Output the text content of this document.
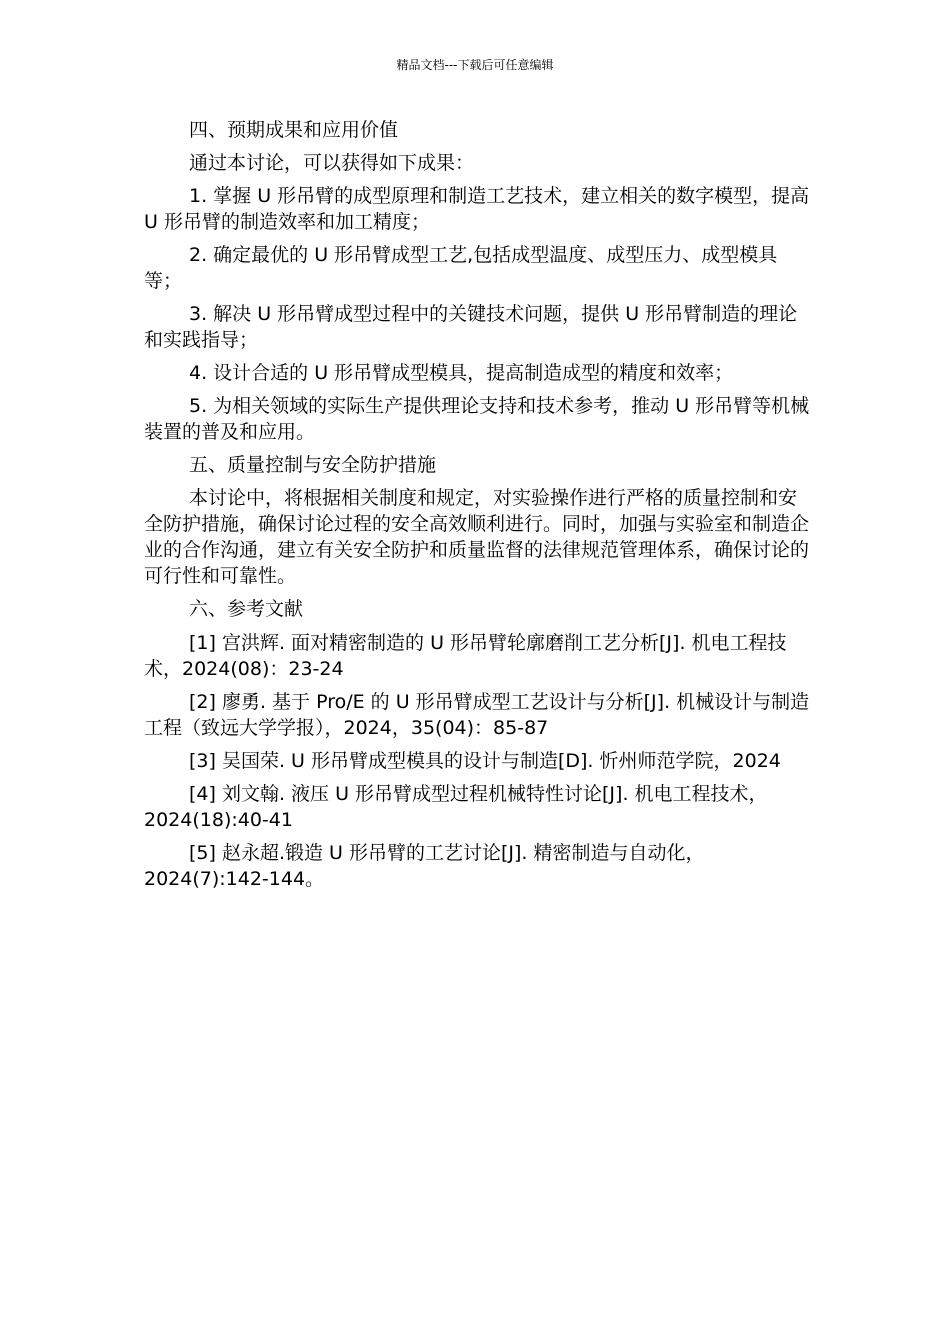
精品文档---下载后可任意编辑

四、预期成果和应用价值

通过本讨论，可以获得如下成果：

1. 掌握 U 形吊臂的成型原理和制造工艺技术，建立相关的数字模型，提高 U 形吊臂的制造效率和加工精度；

2. 确定最优的 U 形吊臂成型工艺,包括成型温度、成型压力、成型模具等；

3. 解决 U 形吊臂成型过程中的关键技术问题，提供 U 形吊臂制造的理论和实践指导；

4. 设计合适的 U 形吊臂成型模具，提高制造成型的精度和效率；

5. 为相关领域的实际生产提供理论支持和技术参考，推动 U 形吊臂等机械装置的普及和应用。

五、质量控制与安全防护措施

本讨论中，将根据相关制度和规定，对实验操作进行严格的质量控制和安全防护措施，确保讨论过程的安全高效顺利进行。同时，加强与实验室和制造企业的合作沟通，建立有关安全防护和质量监督的法律规范管理体系，确保讨论的可行性和可靠性。

六、参考文献

[1] 宫洪辉. 面对精密制造的 U 形吊臂轮廓磨削工艺分析[J]. 机电工程技术，2024(08)：23-24

[2] 廖勇. 基于 Pro/E 的 U 形吊臂成型工艺设计与分析[J]. 机械设计与制造工程（致远大学学报），2024，35(04)：85-87

[3] 吴国荣. U 形吊臂成型模具的设计与制造[D]. 忻州师范学院，2024

[4] 刘文翰. 液压 U 形吊臂成型过程机械特性讨论[J]. 机电工程技术，2024(18):40-41

[5] 赵永超.锻造 U 形吊臂的工艺讨论[J]. 精密制造与自动化，2024(7):142-144。
